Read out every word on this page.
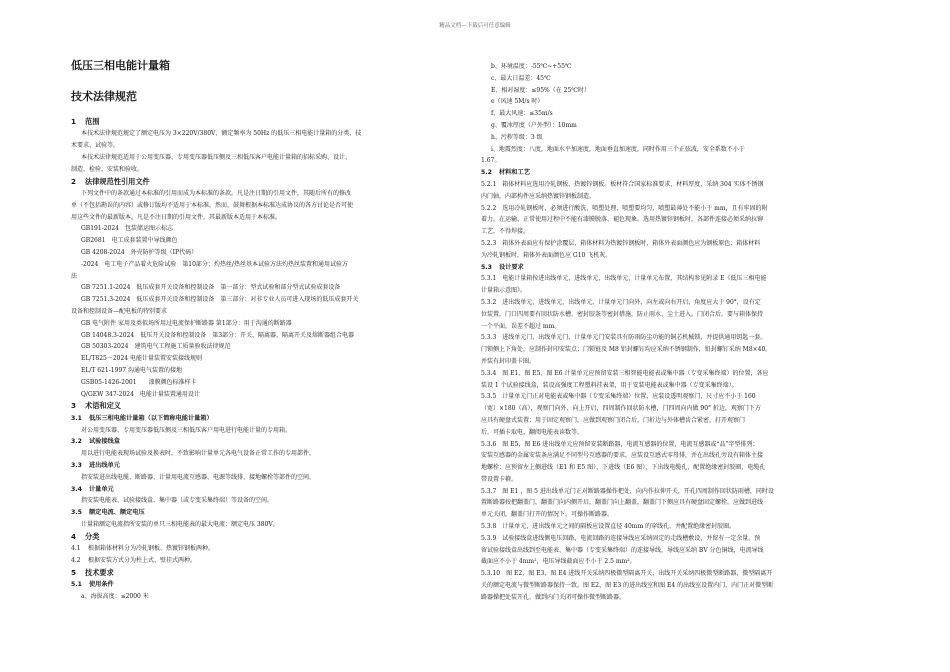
精品文档---下载后可任意编辑
低压三相电能计量箱
技术法律规范
1 范围
本技术法律规范规定了额定电压为 3×220V/380V、额定频率为 50Hz 的低压三相电能计量箱的分类、技
术要求、试验等。
本技术法律规范适用于公用变压器、专用变压器低压侧及三相低压客户电能计量箱的招标采购、设计、
制造、检验、安装和验收。
2 法律规范性引用文件
下列文件中的条款通过本标准的引用而成为本标准的条款。凡是注日期的引用文件，其随后所有的修改
单（不包括勘误的内容）或修订版均不适用于本标准，然而，鼓舞根据本标准达成协议的各方讨论是否可使
用这些文件的最新版本。凡是不注日期的引用文件，其最新版本适用于本标准。
GB191-2024　包装储运图示标志
GB2681　电工成套装置中导线颜色
GB 4208-2024　外壳防护等级（IP代码）
-2024　电工电子产品着火危险试验　第10部分：灼热丝/热丝基本试验方法灼热丝装置和通用试验方
法
GB 7251.1-2024　低压成套开关设备和控制设备　第一部分：型式试验和部分型式试验成套设备
GB 7251.3-2024　低压成套开关设备和控制设备　第三部分：对非专业人员可进入现场的低压成套开关
设备和控制设备—配电板的特别要求
GB 电气附件 家用及类似场所用过电流保护断路器 第1部分：用于沟通的断路器
GB 14048.3-2024　低压开关设备和控制设备　第3部分：开关、隔离器、隔离开关及熔断器组合电器
GB 50303-2024　建筑电气工程施工质量验收法律规范
EL/T825－2024 电能计量装置安装接线规则
EL/T 621-1997 沟通电气装置的接地
GSB05-1426-2001　　漆膜颜色标准样卡
Q/GEW 347-2024　电能计量装置通用设计
3 术语和定义
3.1 低压三相电能计量箱（以下简称电能计量箱）
对公用变压器、专用变压器低压侧及三相低压客户用电进行电能计量的专用箱。
3.2 试验接线盒
用以进行电能表现场试验及换表时，不致影响计量单元各电气设备正常工作的专用部件。
3.3 进出线单元
指安装进出线电缆、断路器、计量用电流互感器、电源等线排、接地螺栓等部件的空间。
3.4 计量单元
指安装电能表、试验接线盒、集中器（或专变采集终端）等设备的空间。
3.5 额定电流、额定电压
计量箱额定电流指所安装的单只三相电能表的最大电流；额定电压 380V。
4 分类
4.1 根据箱体材料分为冷轧钢板、热镀锌钢板两种。
4.2 根据安装方式分为柱上式、壁挂式两种。
5 技术要求
5.1 使用条件
a、海拔高度：≤2000 米
b、环境温度：-55℃~+55℃
c、最大日温差：45℃
E、相对湿度：≤95%（在 25℃时）
e（风速 5M/s 时）
f、最大风速：≤35m/s
g、覆冰厚度（户外型）：10mm
h、污秽等级：3 级
i、地震烈度：八度，地面水平加速度，地面垂直加速度，同时作用三个正弦波，安全系数不小于
1.67。
5.2 材料和工艺
5.2.1　箱体材料应选用冷轧钢板、热镀锌钢板。板材符合国家标准要求，材料厚度，采纳 304 实体不锈钢
内门轴，内部构件应采纳热镀锌钢板制造。
5.2.2　选用冷轧钢板时，必须进行酸洗、喷塑处理，喷塑要均匀，喷塑最薄处不能小于 mm，且有牢固的附
着力。在运输、正常使用过程中不能有漆膜脱落、褪色现象。选用热镀锌钢板时，各部件连接必须采纳拉铆
工艺，不得焊接。
5.2.3　箱体外表面应有保护涂覆层，箱体材料为热镀锌钢板时，箱体外表面颜色应为钢板原色；箱体材料
为冷轧钢板时，箱体外表面颜色应 G10 飞机灰。
5.3 设计要求
5.3.1　电能计量箱按进出线单元、进线单元、出线单元、计量单元布置，其结构参见附录 E《低压三相电能
计量箱示意图》。
5.3.2　进出线单元、进线单元、出线单元、计量单元门向外，向左或向右开启，角度应大于 90°，设有定
位装置，门口四周要有回状防水槽、密封胶条等密封措施，防止雨水、尘土进入。门闭合后，要与箱体保持
一个平面，误差不超过 mm。
5.3.3　进线单元门、出线单元门、计量单元门安装具有防雨防尘功能的铜芯机械锁，并提供通用钥匙一套。
门锁侧上下角处，应制作封印安装点；门锁链及 M8 铝封螺钉均应采纳不锈钢制作，铅封螺钉采纳 M8×40。
并装有封印盖卡圈。
5.3.4　图 E1、图 E5、图 E6 计量单元应预留安装三相智能电能表或集中器（专变采集终端）的位置，各应
装设 1 个试验接线盒，装设高强度工程塑料挂表架，用于安装电能表或集中器（专变采集终端）。
5.3.5　计量单元门正对电能表或集中器（专变采集终端）位置，应装设透明观察门，尺寸应不小于 160
（宽）×180（高），观察门向外、向上开启，四周制作回状防水槽，门四周向内做 90° 折边，观察门下方
应具有硬盘式装置；用于固定观察门，应做到观察门闭合后，门折边与外体槽齿合紧密，打开观察门
后，可插卡取电，翻阅电能表读数等。
5.3.6　图 E5，图 E6 进出线单元应预留安装断路器，电流互感器的位置，电流互感器或“品”字型排列；
安装互感器的金属安装条应满足不同型号互感器的要求，应装设互感式零母排，并在出线孔旁设有箱体主接
地螺栓；应预留左上侧进线（E1 和 E5 图），下进线（E6 图），下出线电缆孔，配置绝缘密封胶圈，电缆孔
带设置卡箍。
5.3.7　图 E1 、图 5 进出线单元门正对断路器操作把处，向内作拉伸开关，开孔四周制作回状防雨槽，同时设
置断路器按把翻盖门，翻盖门向内侧开启，翻盖门向上翻盖，翻盖门下侧应具有硬盘固定螺栓，应做到进线
单元关闭，翻盖门打开的情况下，可操作断路器。
5.3.8　计量单元、进出线单元之间的隔板应设置直径 40mm 的穿线孔，并配置绝缘密封胶圈。
5.3.9　试验接线盒进线侧电压回路，电流回路的连接导线应采纳固定的走线槽敷设，并留有一定余量。预
留试验接线盒出线到至电能表、集中器（专变采集终端）的连接导线，导线应采纳 BV 分色铜线，电流导线
截面应不小于 4mm²，电压导线截面应不小于 2.5 mm²。
5.3.10　图 E2、图 E3、图 E4 进线开关采纳四极微型隔离开关，出线开关采纳四极微型断路器，微型隔离开
关的额定电流与微型断路器保持一致。图 E2、图 E3 的进出线室和图 E4 的出线室设置内门，内门正对微型断
路器操把处装开孔，做到内门关闭可操作微型断路器。
